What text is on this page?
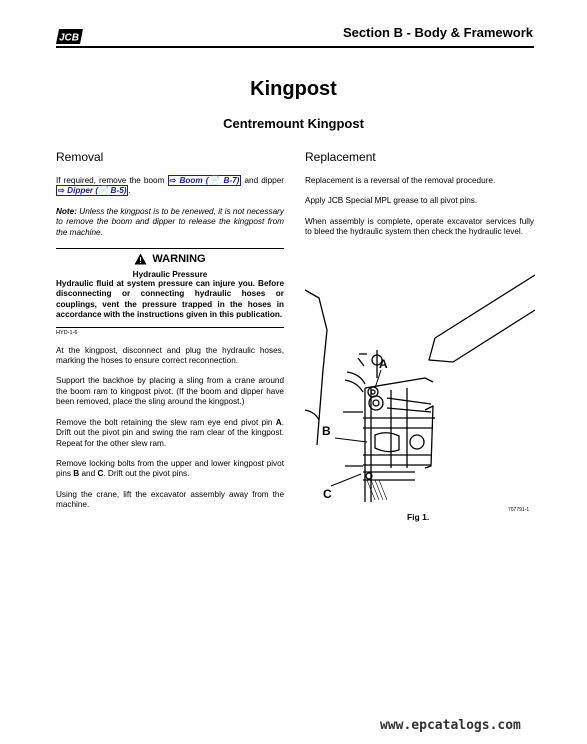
JCB	Section B - Body & Framework
Kingpost
Centremount Kingpost
Removal

If required, remove the boom ⇨ Boom (📄 B-7) and dipper ⇨ Dipper (📄 B-5) .

Note: Unless the kingpost is to be renewed, it is not necessary to remove the boom and dipper to release the kingpost from the machine.

WARNING
Hydraulic Pressure
Hydraulic fluid at system pressure can injure you. Before disconnecting or connecting hydraulic hoses or couplings, vent the pressure trapped in the hoses in accordance with the instructions given in this publication.
HYD-1-6

At the kingpost, disconnect and plug the hydraulic hoses, marking the hoses to ensure correct reconnection.

Support the backhoe by placing a sling from a crane around the boom ram to kingpost pivot. (If the boom and dipper have been removed, place the sling around the kingpost.)

Remove the bolt retaining the slew ram eye end pivot pin A. Drift out the pivot pin and swing the ram clear of the kingpost. Repeat for the other slew ram.

Remove locking bolts from the upper and lower kingpost pivot pins B and C. Drift out the pivot pins.

Using the crane, lift the excavator assembly away from the machine.

Replacement

Replacement is a reversal of the removal procedure.

Apply JCB Special MPL grease to all pivot pins.

When assembly is complete, operate excavator services fully to bleed the hydraulic system then check the hydraulic level.

A
B
C
707791-1
Fig 1.
www.epcatalogs.com
